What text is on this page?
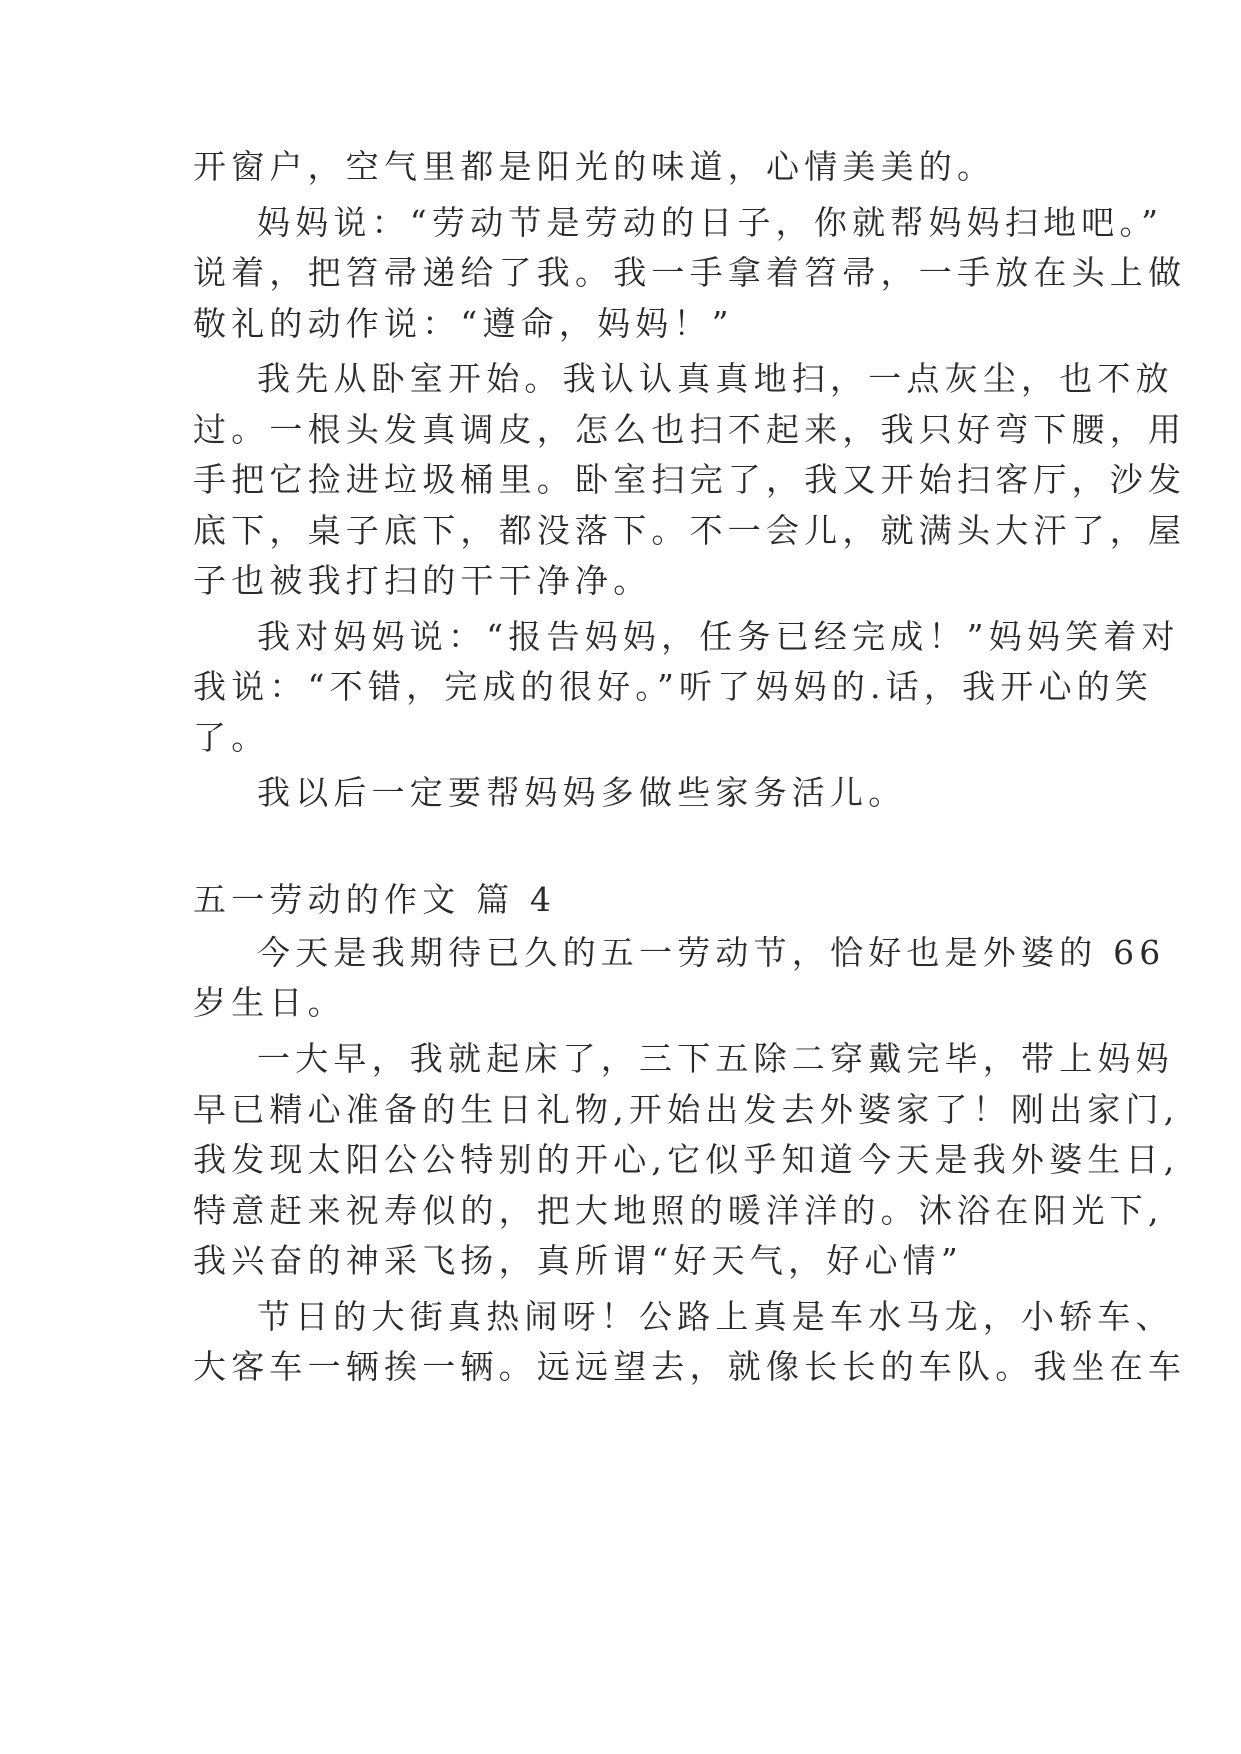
开窗户，空气里都是阳光的味道，心情美美的。
妈妈说：“劳动节是劳动的日子，你就帮妈妈扫地吧。”
说着，把笤帚递给了我。我一手拿着笤帚，一手放在头上做
敬礼的动作说：“遵命，妈妈！”
我先从卧室开始。我认认真真地扫，一点灰尘，也不放
过。一根头发真调皮，怎么也扫不起来，我只好弯下腰，用
手把它捡进垃圾桶里。卧室扫完了，我又开始扫客厅，沙发
底下，桌子底下，都没落下。不一会儿，就满头大汗了，屋
子也被我打扫的干干净净。
我对妈妈说：“报告妈妈，任务已经完成！”妈妈笑着对
我说：“不错，完成的很好。”听了妈妈的.话，我开心的笑
了。
我以后一定要帮妈妈多做些家务活儿。
五一劳动的作文 篇 4
今天是我期待已久的五一劳动节，恰好也是外婆的 66
岁生日。
一大早，我就起床了，三下五除二穿戴完毕，带上妈妈
早已精心准备的生日礼物,开始出发去外婆家了！刚出家门,
我发现太阳公公特别的开心,它似乎知道今天是我外婆生日,
特意赶来祝寿似的，把大地照的暖洋洋的。沐浴在阳光下,
我兴奋的神采飞扬，真所谓“好天气，好心情”
节日的大街真热闹呀！公路上真是车水马龙，小轿车、
大客车一辆挨一辆。远远望去，就像长长的车队。我坐在车
